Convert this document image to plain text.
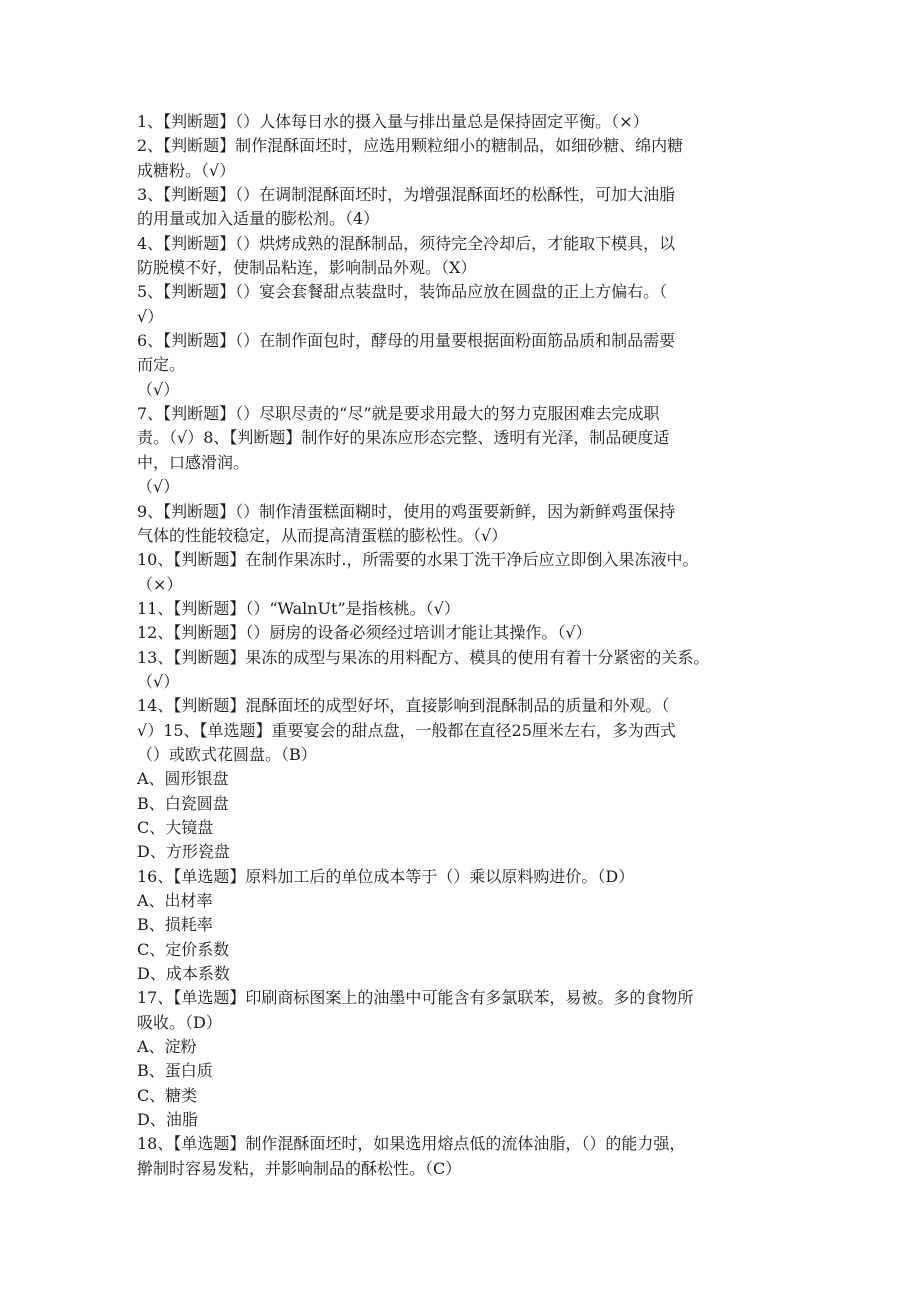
1、【判断题】（）人体每日水的摄入量与排出量总是保持固定平衡。（×）
2、【判断题】制作混酥面坯时，应选用颗粒细小的糖制品，如细砂糖、绵内糖
成糖粉。（√）
3、【判断题】（）在调制混酥面坯时，为增强混酥面坯的松酥性，可加大油脂
的用量或加入适量的膨松剂。（4）
4、【判断题】（）烘烤成熟的混酥制品，须待完全冷却后，才能取下模具，以
防脱模不好，使制品粘连，影响制品外观。（X）
5、【判断题】（）宴会套餐甜点装盘时，装饰品应放在圆盘的正上方偏右。（
√）
6、【判断题】（）在制作面包时，酵母的用量要根据面粉面筋品质和制品需要
而定。
（√）
7、【判断题】（）尽职尽责的“尽”就是要求用最大的努力克服困难去完成职
责。（√）8、【判断题】制作好的果冻应形态完整、透明有光泽，制品硬度适
中，口感滑润。
（√）
9、【判断题】（）制作清蛋糕面糊时，使用的鸡蛋要新鲜，因为新鲜鸡蛋保持
气体的性能较稳定，从而提高清蛋糕的膨松性。（√）
10、【判断题】在制作果冻时.，所需要的水果丁洗干净后应立即倒入果冻液中。
（×）
11、【判断题】（）“WalnUt”是指核桃。（√）
12、【判断题】（）厨房的设备必须经过培训才能让其操作。（√）
13、【判断题】果冻的成型与果冻的用料配方、模具的使用有着十分紧密的关系。
（√）
14、【判断题】混酥面坯的成型好坏，直接影响到混酥制品的质量和外观。（
√）15、【单选题】重要宴会的甜点盘，一般都在直径25厘米左右，多为西式
（）或欧式花圆盘。（B）
A、圆形银盘
B、白瓷圆盘
C、大镜盘
D、方形瓷盘
16、【单选题】原料加工后的单位成本等于（）乘以原料购进价。（D）
A、出材率
B、损耗率
C、定价系数
D、成本系数
17、【单选题】印刷商标图案上的油墨中可能含有多氯联苯，易被。多的食物所
吸收。（D）
A、淀粉
B、蛋白质
C、糖类
D、油脂
18、【单选题】制作混酥面坯时，如果选用熔点低的流体油脂，（）的能力强，
擀制时容易发粘，并影响制品的酥松性。（C）
